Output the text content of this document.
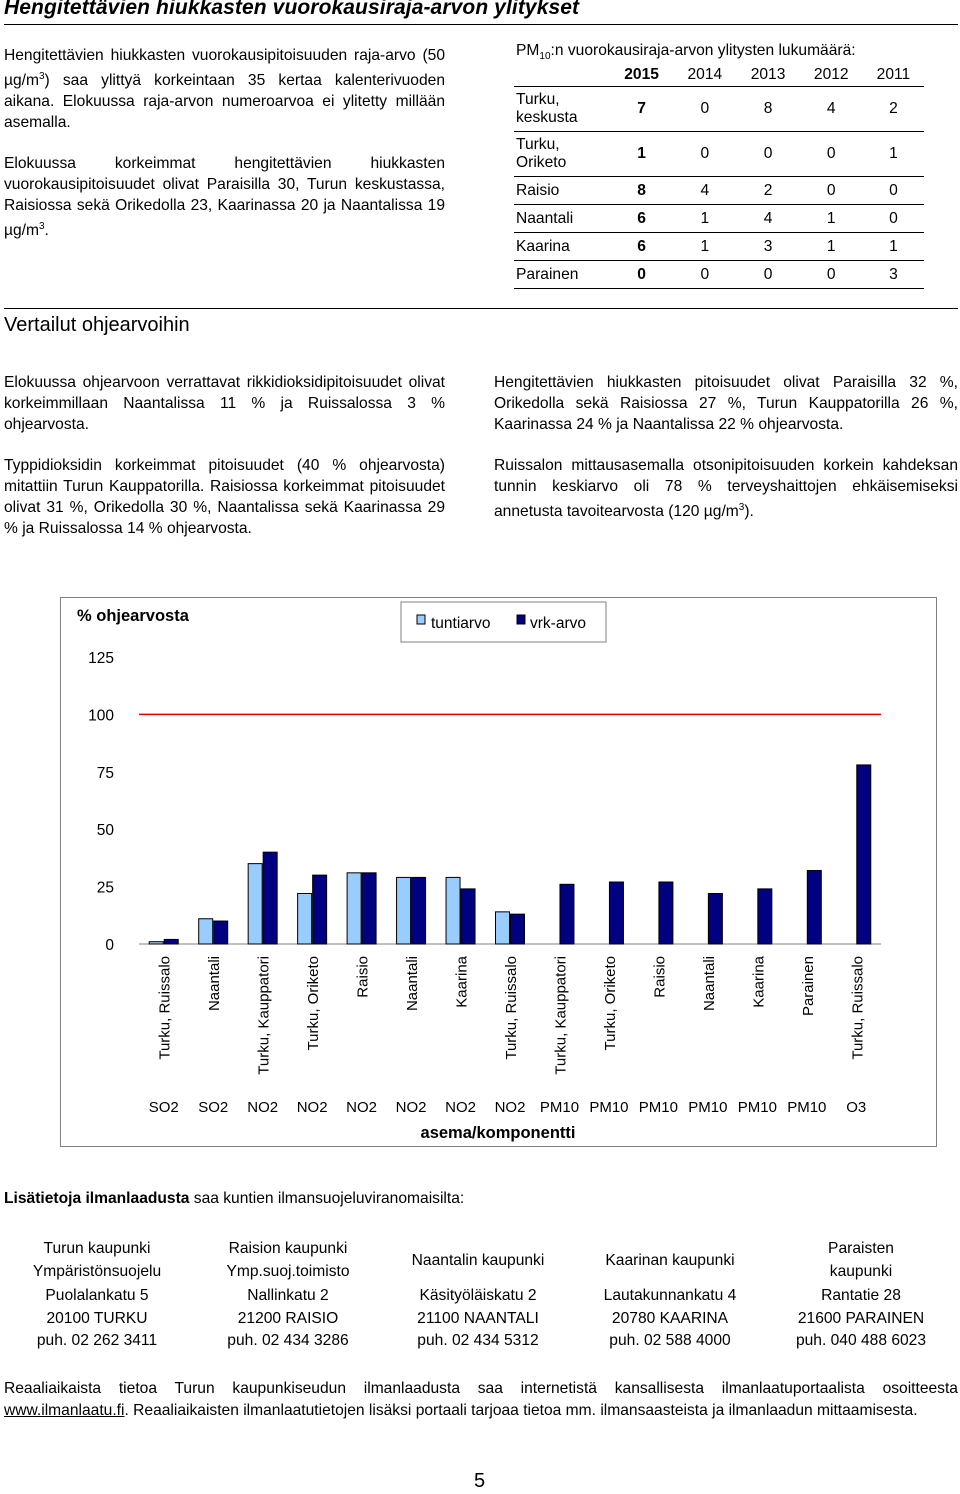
Hengitettävien hiukkasten vuorokausiraja-arvon ylitykset

Hengitettävien hiukkasten vuorokausipitoisuuden raja-arvo (50 $\mu g/m^3$) saa ylittyä korkeintaan 35 kertaa kalenterivuoden aikana. Elokuussa raja-arvon numeroarvoa ei ylitetty millään asemalla.

Elokuussa korkeimmat hengitettävien hiukkasten vuorokausipitoisuudet olivat Paraisilla 30, Turun keskustassa, Raisiossa sekä Orikedolla 23, Kaarinassa 20 ja Naantalissa 19 $\mu g/m^3$.

$PM_{10}:n$ vuorokausiraja-arvon ylitysten lukumäärä:
	2015	2014	2013	2012	2011
Turku, keskusta	7	0	8	4	2
Turku, Oriketo	1	0	0	0	1
Raisio	8	4	2	0	0
Naantali	6	1	4	1	0
Kaarina	6	1	3	1	1
Parainen	0	0	0	0	3
Vertailut ohjearvoihin

Elokuussa ohjearvoon verrattavat rikkidioksidipitoisuudet olivat korkeimmillaan Naantalissa 11 % ja Ruissalossa 3 % ohjearvosta.

Typpidioksidin korkeimmat pitoisuudet (40 % ohjearvosta) mitattiin Turun Kauppatorilla. Raisiossa korkeimmat pitoisuudet olivat 31 %, Orikedolla 30 %, Naantalissa sekä Kaarinassa 29 % ja Ruissalossa 14 % ohjearvosta.

Hengitettävien hiukkasten pitoisuudet olivat Paraisilla 32 %, Orikedolla sekä Raisiossa 27 %, Turun Kauppatorilla 26 %, Kaarinassa 24 % ja Naantalissa 22 % ohjearvosta.

Ruissalon mittausasemalla otsonipitoisuuden korkein kahdeksan tunnin keskiarvo oli 78 % terveyshaittojen ehkäisemiseksi annetusta tavoitearvosta (120 $\mu g/m^3$).

% ohjearvosta
0
25
50
75
100
125
Turku, Ruissalo Naantali Turku, Kauppatori Turku, Oriketo Raisio Naantali Kaarina Turku, Ruissalo Turku, Kauppatori Turku, Oriketo Raisio Naantali Kaarina Parainen Turku, Ruissalo
SO2 SO2 NO2 NO2 NO2 NO2 NO2 NO2 PM10 PM10 PM10 PM10 PM10 PM10 O3
asema/komponentti
tuntiarvo	vrk-arvo
Lisätietoja ilmanlaadusta saa kuntien ilmansuojeluviranomaisilta:
Turun kaupunki
Ympäristönsuojelu
Puolalankatu 5
20100 TURKU
puh. 02 262 3411
Raision kaupunki
Ymp.suoj.toimisto
Nallinkatu 2
21200 RAISIO
puh. 02 434 3286
Naantalin kaupunki
Käsityöläiskatu 2
21100 NAANTALI
puh. 02 434 5312
Kaarinan kaupunki
Lautakunnankatu 4
20780 KAARINA
puh. 02 588 4000
Paraisten
kaupunki
Rantatie 28
21600 PARAINEN
puh. 040 488 6023

Reaaliaikaista tietoa Turun kaupunkiseudun ilmanlaadusta saa internetistä kansallisesta ilmanlaatuportaalista osoitteesta www.ilmanlaatu.fi. Reaaliaikaisten ilmanlaatutietojen lisäksi portaali tarjoaa tietoa mm. ilmansaasteista ja ilmanlaadun mittaamisesta.

5
